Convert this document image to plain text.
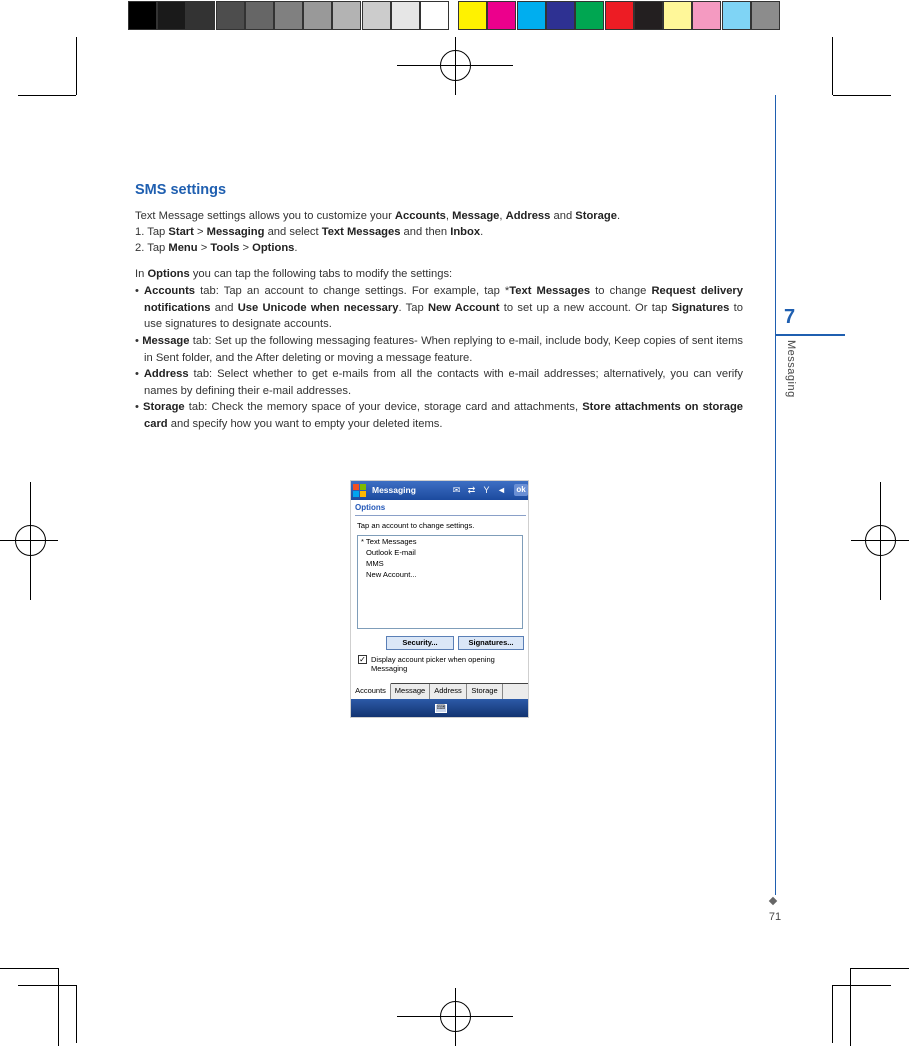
SMS settings
Text Message settings allows you to customize your Accounts, Message, Address and Storage.
1. Tap Start > Messaging and select Text Messages and then Inbox.
2. Tap Menu > Tools > Options.
In Options you can tap the following tabs to modify the settings:
• Accounts tab: Tap an account to change settings. For example, tap *Text Messages to change Request delivery notifications and Use Unicode when necessary. Tap New Account to set up a new account. Or tap Signatures to use signatures to designate accounts.
• Message tab: Set up the following messaging features- When replying to e-mail, include body, Keep copies of sent items in Sent folder, and the After deleting or moving a message feature.
• Address tab: Select whether to get e-mails from all the contacts with e-mail addresses; alternatively, you can verify names by defining their e-mail addresses.
• Storage tab: Check the memory space of your device, storage card and attachments, Store attachments on storage card and specify how you want to empty your deleted items.
Messaging	✉ ⇄ Y ◄ ok
Options
Tap an account to change settings.
* Text Messages
Outlook E-mail
MMS
New Account...
Security...	Signatures...
✓ Display account picker when opening Messaging
Accounts	Message	Address	Storage
⌨
7
Messaging
71
